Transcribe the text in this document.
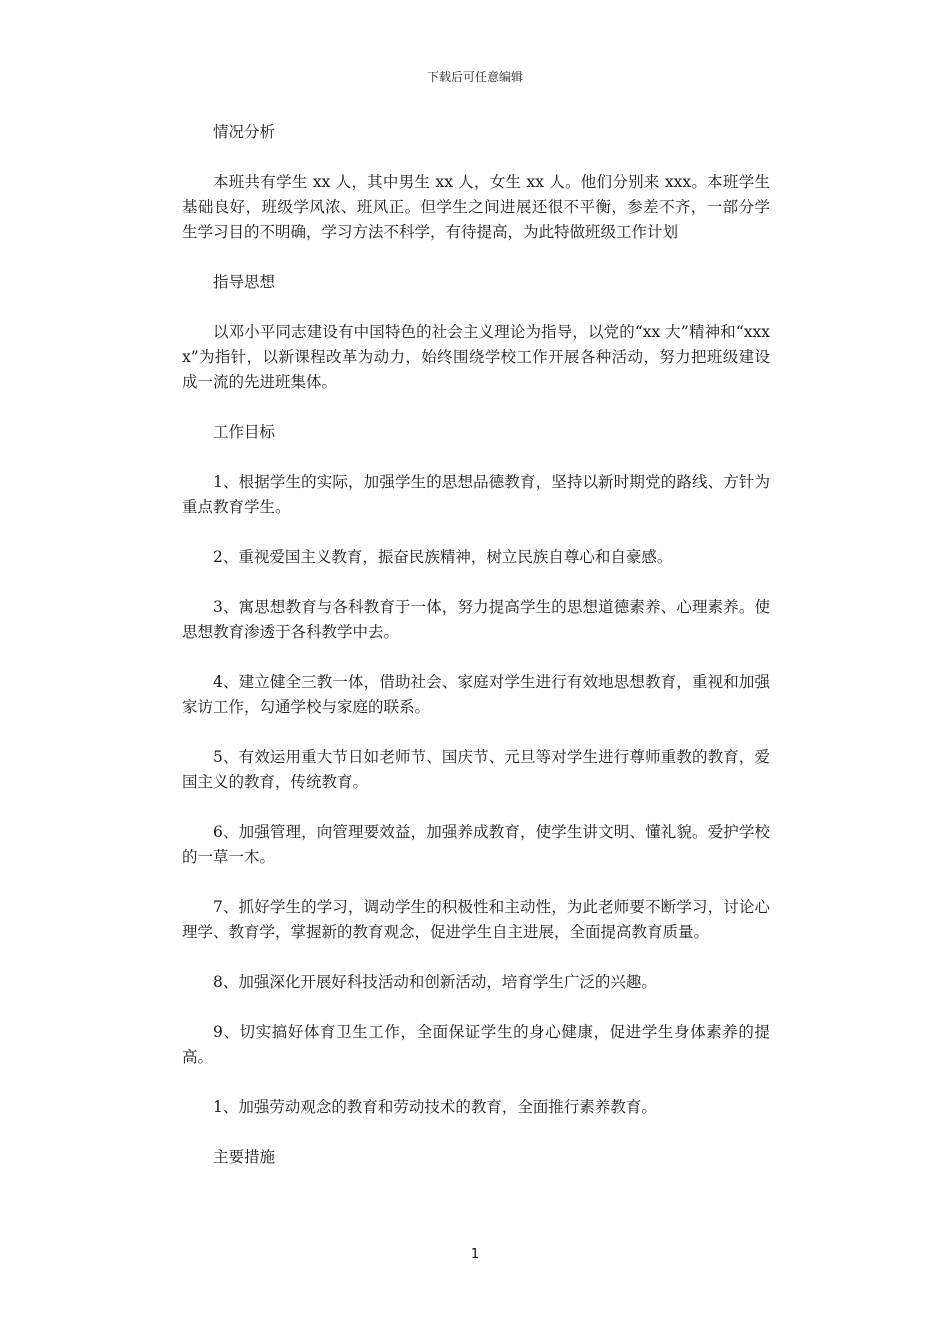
下载后可任意编辑

情况分析

本班共有学生 xx 人，其中男生 xx 人，女生 xx 人。他们分别来 xxx。本班学生基础良好，班级学风浓、班风正。但学生之间进展还很不平衡，参差不齐，一部分学生学习目的不明确，学习方法不科学，有待提高，为此特做班级工作计划

指导思想

以邓小平同志建设有中国特色的社会主义理论为指导，以党的“xx 大”精神和“xxxx”为指针，以新课程改革为动力，始终围绕学校工作开展各种活动，努力把班级建设成一流的先进班集体。

工作目标

1、根据学生的实际，加强学生的思想品德教育，坚持以新时期党的路线、方针为重点教育学生。

2、重视爱国主义教育，振奋民族精神，树立民族自尊心和自豪感。

3、寓思想教育与各科教育于一体，努力提高学生的思想道德素养、心理素养。使思想教育渗透于各科教学中去。

4、建立健全三教一体，借助社会、家庭对学生进行有效地思想教育，重视和加强家访工作，勾通学校与家庭的联系。

5、有效运用重大节日如老师节、国庆节、元旦等对学生进行尊师重教的教育，爱国主义的教育，传统教育。

6、加强管理，向管理要效益，加强养成教育，使学生讲文明、懂礼貌。爱护学校的一草一木。

7、抓好学生的学习，调动学生的积极性和主动性，为此老师要不断学习，讨论心理学、教育学，掌握新的教育观念，促进学生自主进展，全面提高教育质量。

8、加强深化开展好科技活动和创新活动，培育学生广泛的兴趣。

9、切实搞好体育卫生工作，全面保证学生的身心健康，促进学生身体素养的提高。

1、加强劳动观念的教育和劳动技术的教育，全面推行素养教育。

主要措施

1
